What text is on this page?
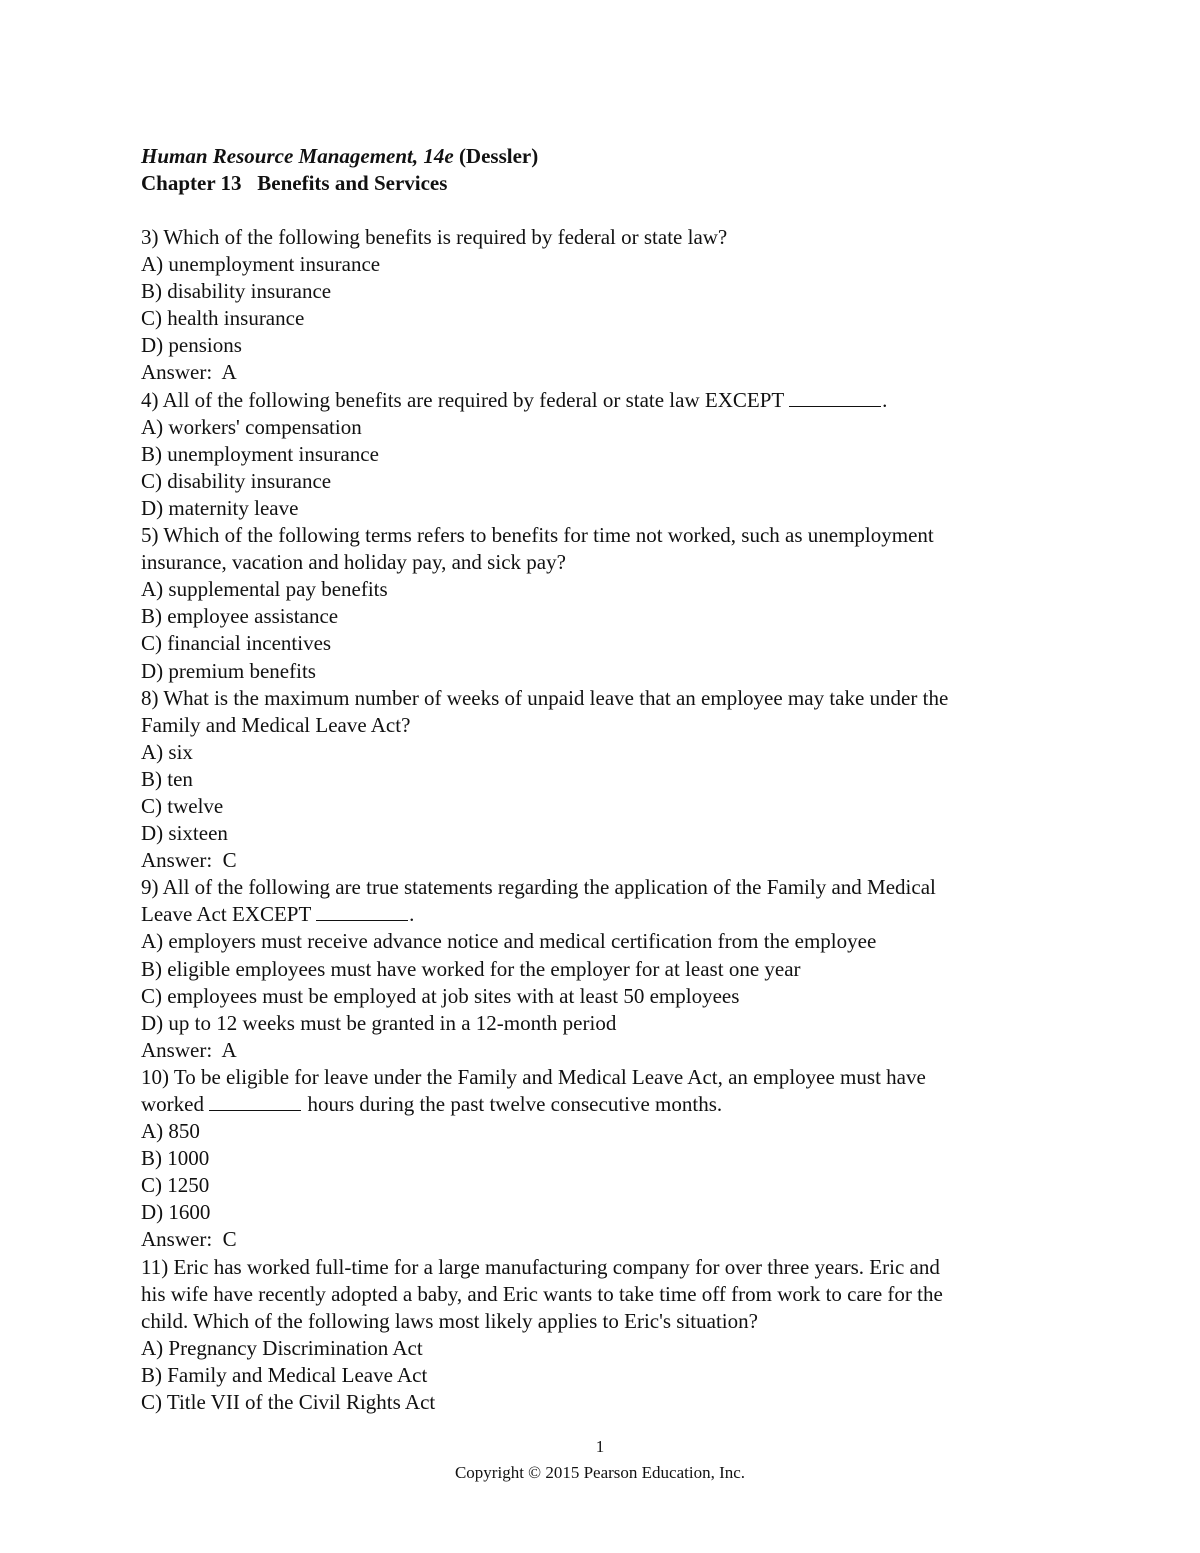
Human Resource Management, 14e (Dessler)
Chapter 13   Benefits and Services
3) Which of the following benefits is required by federal or state law?
A) unemployment insurance
B) disability insurance
C) health insurance
D) pensions
Answer:  A
4) All of the following benefits are required by federal or state law EXCEPT	.
A) workers' compensation
B) unemployment insurance
C) disability insurance
D) maternity leave
5) Which of the following terms refers to benefits for time not worked, such as unemployment
insurance, vacation and holiday pay, and sick pay?
A) supplemental pay benefits
B) employee assistance
C) financial incentives
D) premium benefits
8) What is the maximum number of weeks of unpaid leave that an employee may take under the
Family and Medical Leave Act?
A) six
B) ten
C) twelve
D) sixteen
Answer:  C
9) All of the following are true statements regarding the application of the Family and Medical
Leave Act EXCEPT	.
A) employers must receive advance notice and medical certification from the employee
B) eligible employees must have worked for the employer for at least one year
C) employees must be employed at job sites with at least 50 employees
D) up to 12 weeks must be granted in a 12-month period
Answer:  A
10) To be eligible for leave under the Family and Medical Leave Act, an employee must have
worked	hours during the past twelve consecutive months.
A) 850
B) 1000
C) 1250
D) 1600
Answer:  C
11) Eric has worked full-time for a large manufacturing company for over three years. Eric and
his wife have recently adopted a baby, and Eric wants to take time off from work to care for the
child. Which of the following laws most likely applies to Eric's situation?
A) Pregnancy Discrimination Act
B) Family and Medical Leave Act
C) Title VII of the Civil Rights Act
1
Copyright © 2015 Pearson Education, Inc.
